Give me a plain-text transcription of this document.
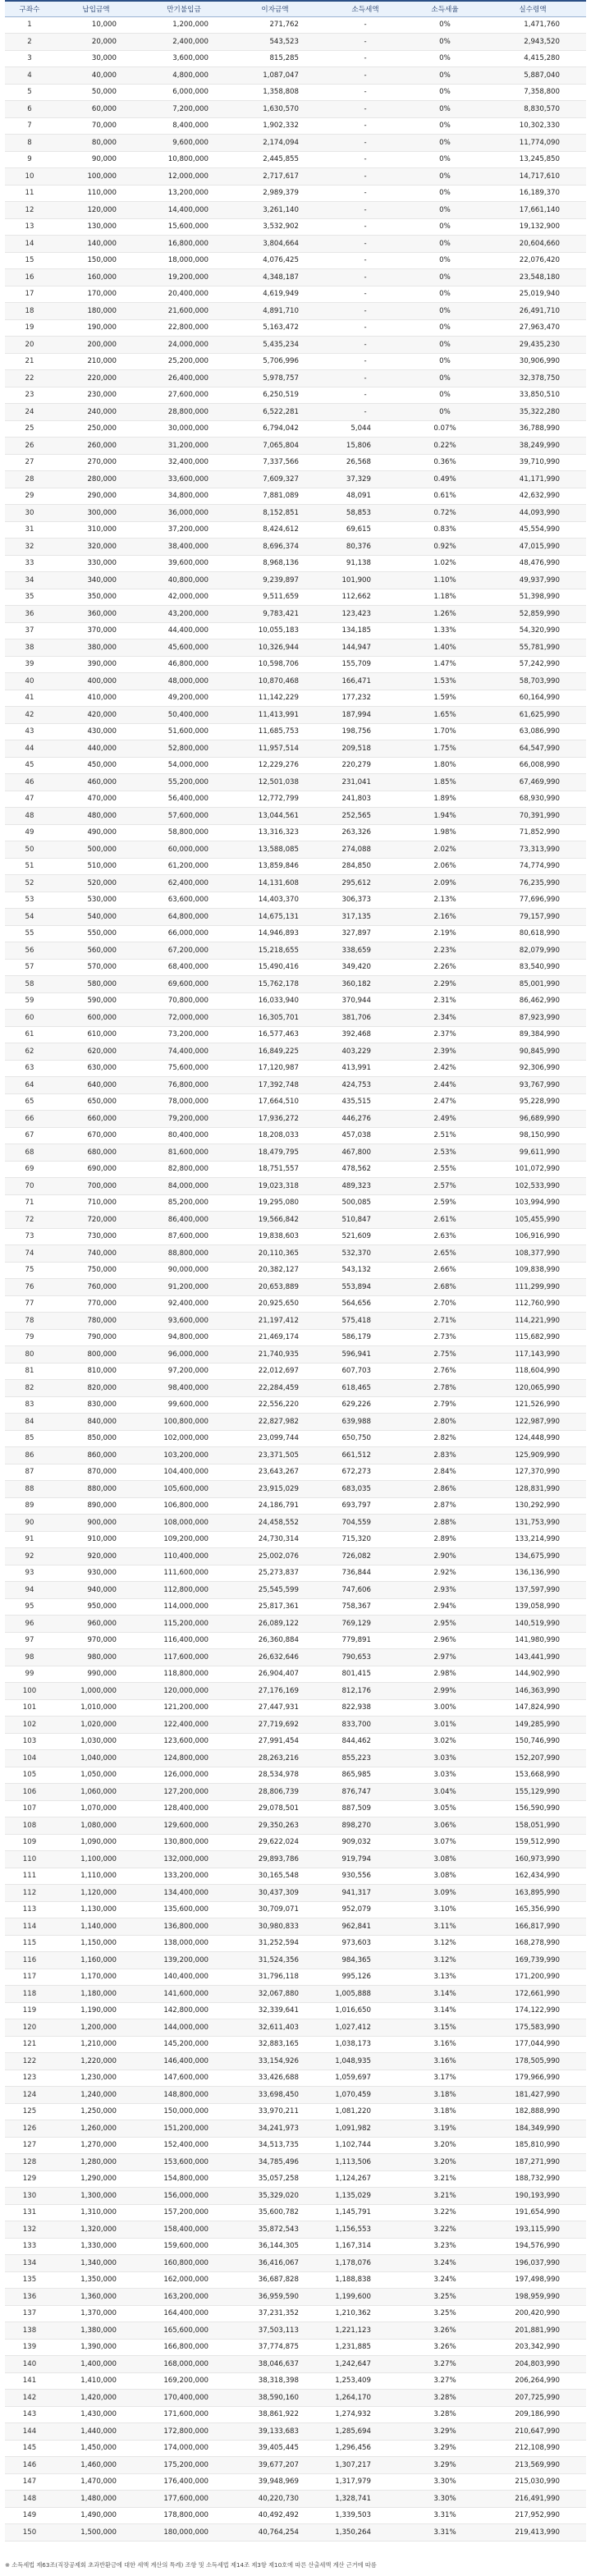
구좌수	납입금액	만기불입금	이자금액	소득세액	소득세율	실수령액
1	10,000	1,200,000	271,762	-	0%	1,471,760
2	20,000	2,400,000	543,523	-	0%	2,943,520
3	30,000	3,600,000	815,285	-	0%	4,415,280
4	40,000	4,800,000	1,087,047	-	0%	5,887,040
5	50,000	6,000,000	1,358,808	-	0%	7,358,800
6	60,000	7,200,000	1,630,570	-	0%	8,830,570
7	70,000	8,400,000	1,902,332	-	0%	10,302,330
8	80,000	9,600,000	2,174,094	-	0%	11,774,090
9	90,000	10,800,000	2,445,855	-	0%	13,245,850
10	100,000	12,000,000	2,717,617	-	0%	14,717,610
11	110,000	13,200,000	2,989,379	-	0%	16,189,370
12	120,000	14,400,000	3,261,140	-	0%	17,661,140
13	130,000	15,600,000	3,532,902	-	0%	19,132,900
14	140,000	16,800,000	3,804,664	-	0%	20,604,660
15	150,000	18,000,000	4,076,425	-	0%	22,076,420
16	160,000	19,200,000	4,348,187	-	0%	23,548,180
17	170,000	20,400,000	4,619,949	-	0%	25,019,940
18	180,000	21,600,000	4,891,710	-	0%	26,491,710
19	190,000	22,800,000	5,163,472	-	0%	27,963,470
20	200,000	24,000,000	5,435,234	-	0%	29,435,230
21	210,000	25,200,000	5,706,996	-	0%	30,906,990
22	220,000	26,400,000	5,978,757	-	0%	32,378,750
23	230,000	27,600,000	6,250,519	-	0%	33,850,510
24	240,000	28,800,000	6,522,281	-	0%	35,322,280
25	250,000	30,000,000	6,794,042	5,044	0.07%	36,788,990
26	260,000	31,200,000	7,065,804	15,806	0.22%	38,249,990
27	270,000	32,400,000	7,337,566	26,568	0.36%	39,710,990
28	280,000	33,600,000	7,609,327	37,329	0.49%	41,171,990
29	290,000	34,800,000	7,881,089	48,091	0.61%	42,632,990
30	300,000	36,000,000	8,152,851	58,853	0.72%	44,093,990
31	310,000	37,200,000	8,424,612	69,615	0.83%	45,554,990
32	320,000	38,400,000	8,696,374	80,376	0.92%	47,015,990
33	330,000	39,600,000	8,968,136	91,138	1.02%	48,476,990
34	340,000	40,800,000	9,239,897	101,900	1.10%	49,937,990
35	350,000	42,000,000	9,511,659	112,662	1.18%	51,398,990
36	360,000	43,200,000	9,783,421	123,423	1.26%	52,859,990
37	370,000	44,400,000	10,055,183	134,185	1.33%	54,320,990
38	380,000	45,600,000	10,326,944	144,947	1.40%	55,781,990
39	390,000	46,800,000	10,598,706	155,709	1.47%	57,242,990
40	400,000	48,000,000	10,870,468	166,471	1.53%	58,703,990
41	410,000	49,200,000	11,142,229	177,232	1.59%	60,164,990
42	420,000	50,400,000	11,413,991	187,994	1.65%	61,625,990
43	430,000	51,600,000	11,685,753	198,756	1.70%	63,086,990
44	440,000	52,800,000	11,957,514	209,518	1.75%	64,547,990
45	450,000	54,000,000	12,229,276	220,279	1.80%	66,008,990
46	460,000	55,200,000	12,501,038	231,041	1.85%	67,469,990
47	470,000	56,400,000	12,772,799	241,803	1.89%	68,930,990
48	480,000	57,600,000	13,044,561	252,565	1.94%	70,391,990
49	490,000	58,800,000	13,316,323	263,326	1.98%	71,852,990
50	500,000	60,000,000	13,588,085	274,088	2.02%	73,313,990
51	510,000	61,200,000	13,859,846	284,850	2.06%	74,774,990
52	520,000	62,400,000	14,131,608	295,612	2.09%	76,235,990
53	530,000	63,600,000	14,403,370	306,373	2.13%	77,696,990
54	540,000	64,800,000	14,675,131	317,135	2.16%	79,157,990
55	550,000	66,000,000	14,946,893	327,897	2.19%	80,618,990
56	560,000	67,200,000	15,218,655	338,659	2.23%	82,079,990
57	570,000	68,400,000	15,490,416	349,420	2.26%	83,540,990
58	580,000	69,600,000	15,762,178	360,182	2.29%	85,001,990
59	590,000	70,800,000	16,033,940	370,944	2.31%	86,462,990
60	600,000	72,000,000	16,305,701	381,706	2.34%	87,923,990
61	610,000	73,200,000	16,577,463	392,468	2.37%	89,384,990
62	620,000	74,400,000	16,849,225	403,229	2.39%	90,845,990
63	630,000	75,600,000	17,120,987	413,991	2.42%	92,306,990
64	640,000	76,800,000	17,392,748	424,753	2.44%	93,767,990
65	650,000	78,000,000	17,664,510	435,515	2.47%	95,228,990
66	660,000	79,200,000	17,936,272	446,276	2.49%	96,689,990
67	670,000	80,400,000	18,208,033	457,038	2.51%	98,150,990
68	680,000	81,600,000	18,479,795	467,800	2.53%	99,611,990
69	690,000	82,800,000	18,751,557	478,562	2.55%	101,072,990
70	700,000	84,000,000	19,023,318	489,323	2.57%	102,533,990
71	710,000	85,200,000	19,295,080	500,085	2.59%	103,994,990
72	720,000	86,400,000	19,566,842	510,847	2.61%	105,455,990
73	730,000	87,600,000	19,838,603	521,609	2.63%	106,916,990
74	740,000	88,800,000	20,110,365	532,370	2.65%	108,377,990
75	750,000	90,000,000	20,382,127	543,132	2.66%	109,838,990
76	760,000	91,200,000	20,653,889	553,894	2.68%	111,299,990
77	770,000	92,400,000	20,925,650	564,656	2.70%	112,760,990
78	780,000	93,600,000	21,197,412	575,418	2.71%	114,221,990
79	790,000	94,800,000	21,469,174	586,179	2.73%	115,682,990
80	800,000	96,000,000	21,740,935	596,941	2.75%	117,143,990
81	810,000	97,200,000	22,012,697	607,703	2.76%	118,604,990
82	820,000	98,400,000	22,284,459	618,465	2.78%	120,065,990
83	830,000	99,600,000	22,556,220	629,226	2.79%	121,526,990
84	840,000	100,800,000	22,827,982	639,988	2.80%	122,987,990
85	850,000	102,000,000	23,099,744	650,750	2.82%	124,448,990
86	860,000	103,200,000	23,371,505	661,512	2.83%	125,909,990
87	870,000	104,400,000	23,643,267	672,273	2.84%	127,370,990
88	880,000	105,600,000	23,915,029	683,035	2.86%	128,831,990
89	890,000	106,800,000	24,186,791	693,797	2.87%	130,292,990
90	900,000	108,000,000	24,458,552	704,559	2.88%	131,753,990
91	910,000	109,200,000	24,730,314	715,320	2.89%	133,214,990
92	920,000	110,400,000	25,002,076	726,082	2.90%	134,675,990
93	930,000	111,600,000	25,273,837	736,844	2.92%	136,136,990
94	940,000	112,800,000	25,545,599	747,606	2.93%	137,597,990
95	950,000	114,000,000	25,817,361	758,367	2.94%	139,058,990
96	960,000	115,200,000	26,089,122	769,129	2.95%	140,519,990
97	970,000	116,400,000	26,360,884	779,891	2.96%	141,980,990
98	980,000	117,600,000	26,632,646	790,653	2.97%	143,441,990
99	990,000	118,800,000	26,904,407	801,415	2.98%	144,902,990
100	1,000,000	120,000,000	27,176,169	812,176	2.99%	146,363,990
101	1,010,000	121,200,000	27,447,931	822,938	3.00%	147,824,990
102	1,020,000	122,400,000	27,719,692	833,700	3.01%	149,285,990
103	1,030,000	123,600,000	27,991,454	844,462	3.02%	150,746,990
104	1,040,000	124,800,000	28,263,216	855,223	3.03%	152,207,990
105	1,050,000	126,000,000	28,534,978	865,985	3.03%	153,668,990
106	1,060,000	127,200,000	28,806,739	876,747	3.04%	155,129,990
107	1,070,000	128,400,000	29,078,501	887,509	3.05%	156,590,990
108	1,080,000	129,600,000	29,350,263	898,270	3.06%	158,051,990
109	1,090,000	130,800,000	29,622,024	909,032	3.07%	159,512,990
110	1,100,000	132,000,000	29,893,786	919,794	3.08%	160,973,990
111	1,110,000	133,200,000	30,165,548	930,556	3.08%	162,434,990
112	1,120,000	134,400,000	30,437,309	941,317	3.09%	163,895,990
113	1,130,000	135,600,000	30,709,071	952,079	3.10%	165,356,990
114	1,140,000	136,800,000	30,980,833	962,841	3.11%	166,817,990
115	1,150,000	138,000,000	31,252,594	973,603	3.12%	168,278,990
116	1,160,000	139,200,000	31,524,356	984,365	3.12%	169,739,990
117	1,170,000	140,400,000	31,796,118	995,126	3.13%	171,200,990
118	1,180,000	141,600,000	32,067,880	1,005,888	3.14%	172,661,990
119	1,190,000	142,800,000	32,339,641	1,016,650	3.14%	174,122,990
120	1,200,000	144,000,000	32,611,403	1,027,412	3.15%	175,583,990
121	1,210,000	145,200,000	32,883,165	1,038,173	3.16%	177,044,990
122	1,220,000	146,400,000	33,154,926	1,048,935	3.16%	178,505,990
123	1,230,000	147,600,000	33,426,688	1,059,697	3.17%	179,966,990
124	1,240,000	148,800,000	33,698,450	1,070,459	3.18%	181,427,990
125	1,250,000	150,000,000	33,970,211	1,081,220	3.18%	182,888,990
126	1,260,000	151,200,000	34,241,973	1,091,982	3.19%	184,349,990
127	1,270,000	152,400,000	34,513,735	1,102,744	3.20%	185,810,990
128	1,280,000	153,600,000	34,785,496	1,113,506	3.20%	187,271,990
129	1,290,000	154,800,000	35,057,258	1,124,267	3.21%	188,732,990
130	1,300,000	156,000,000	35,329,020	1,135,029	3.21%	190,193,990
131	1,310,000	157,200,000	35,600,782	1,145,791	3.22%	191,654,990
132	1,320,000	158,400,000	35,872,543	1,156,553	3.22%	193,115,990
133	1,330,000	159,600,000	36,144,305	1,167,314	3.23%	194,576,990
134	1,340,000	160,800,000	36,416,067	1,178,076	3.24%	196,037,990
135	1,350,000	162,000,000	36,687,828	1,188,838	3.24%	197,498,990
136	1,360,000	163,200,000	36,959,590	1,199,600	3.25%	198,959,990
137	1,370,000	164,400,000	37,231,352	1,210,362	3.25%	200,420,990
138	1,380,000	165,600,000	37,503,113	1,221,123	3.26%	201,881,990
139	1,390,000	166,800,000	37,774,875	1,231,885	3.26%	203,342,990
140	1,400,000	168,000,000	38,046,637	1,242,647	3.27%	204,803,990
141	1,410,000	169,200,000	38,318,398	1,253,409	3.27%	206,264,990
142	1,420,000	170,400,000	38,590,160	1,264,170	3.28%	207,725,990
143	1,430,000	171,600,000	38,861,922	1,274,932	3.28%	209,186,990
144	1,440,000	172,800,000	39,133,683	1,285,694	3.29%	210,647,990
145	1,450,000	174,000,000	39,405,445	1,296,456	3.29%	212,108,990
146	1,460,000	175,200,000	39,677,207	1,307,217	3.29%	213,569,990
147	1,470,000	176,400,000	39,948,969	1,317,979	3.30%	215,030,990
148	1,480,000	177,600,000	40,220,730	1,328,741	3.30%	216,491,990
149	1,490,000	178,800,000	40,492,492	1,339,503	3.31%	217,952,990
150	1,500,000	180,000,000	40,764,254	1,350,264	3.31%	219,413,990
※ 소득세법 제63조(직장공제회 초과반환금에 대한 세액 계산의 특례) 조항 및 소득세법 제14조 제3항 제10호에 따른 산출세액 계산 근거에 따름
